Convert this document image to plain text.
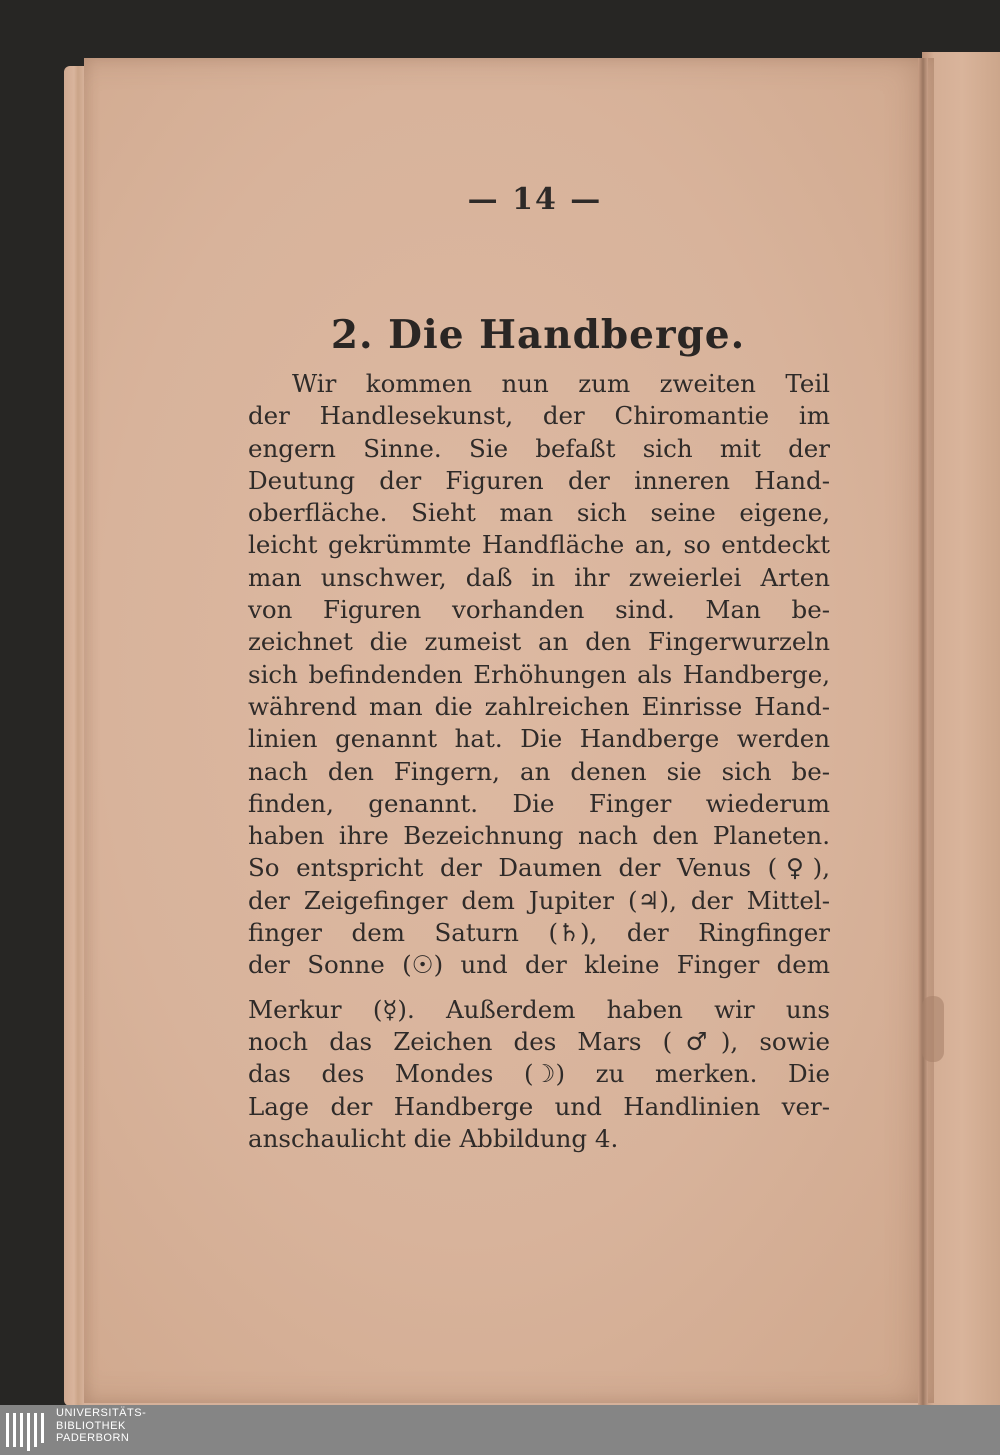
— 14 —
2. Die Handberge.
Wir kommen nun zum zweiten Teil
der Handlesekunst, der Chiromantie im
engern Sinne. Sie befaßt sich mit der
Deutung der Figuren der inneren Hand-
oberfläche. Sieht man sich seine eigene,
leicht gekrümmte Handfläche an, so entdeckt
man unschwer, daß in ihr zweierlei Arten
von Figuren vorhanden sind. Man be-
zeichnet die zumeist an den Fingerwurzeln
sich befindenden Erhöhungen als Handberge,
während man die zahlreichen Einrisse Hand-
linien genannt hat. Die Handberge werden
nach den Fingern, an denen sie sich be-
finden, genannt. Die Finger wiederum
haben ihre Bezeichnung nach den Planeten.
So entspricht der Daumen der Venus (♀),
der Zeigefinger dem Jupiter (♃), der Mittel-
finger dem Saturn (♄), der Ringfinger
der Sonne (☉) und der kleine Finger dem
Merkur (☿). Außerdem haben wir uns
noch das Zeichen des Mars (♂), sowie
das des Mondes (☽) zu merken. Die
Lage der Handberge und Handlinien ver-
anschaulicht die Abbildung 4.
UNIVERSITÄTS-
BIBLIOTHEK
PADERBORN
